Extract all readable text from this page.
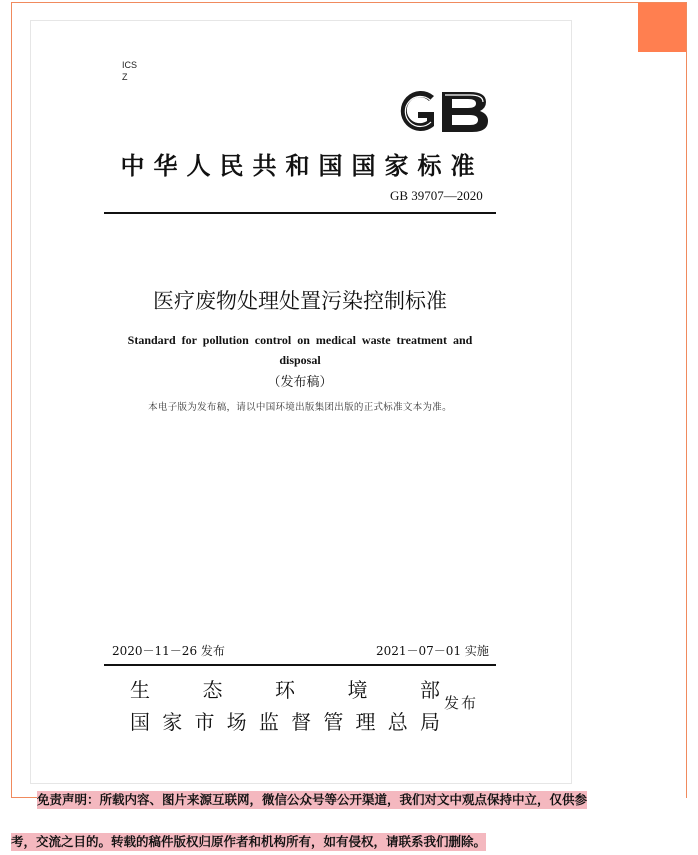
ICS
Z
中华人民共和国国家标准
GB 39707—2020
医疗废物处理处置污染控制标准
Standard for pollution control on medical waste treatment and disposal
（发布稿）
本电子版为发布稿，请以中国环境出版集团出版的正式标准文本为准。
2020－11－26 发布	2021－07－01 实施
生	态	环	境	部
国 家 市 场 监 督 管 理 总 局
发布
免责声明：所载内容、图片来源互联网，微信公众号等公开渠道，我们对文中观点保持中立，仅供参
考，交流之目的。转载的稿件版权归原作者和机构所有，如有侵权，请联系我们删除。
